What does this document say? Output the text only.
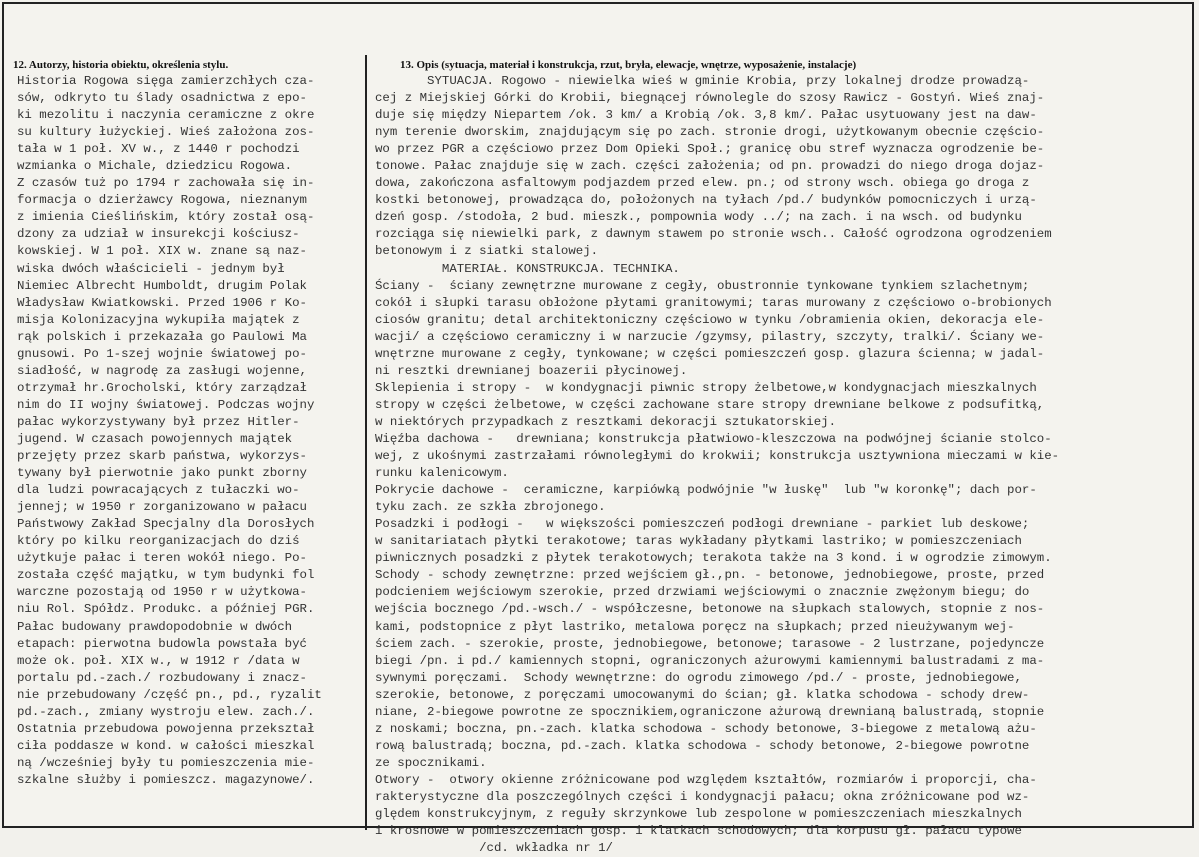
12. Autorzy, historia obiektu, określenia stylu.	13. Opis (sytuacja, materiał i konstrukcja, rzut, bryła, elewacje, wnętrze, wyposażenie, instalacje)
Historia Rogowa sięga zamierzchłych cza-
sów, odkryto tu ślady osadnictwa z epo-
ki mezolitu i naczynia ceramiczne z okre
su kultury łużyckiej. Wieś założona zos-
tała w 1 poł. XV w., z 1440 r pochodzi
wzmianka o Michale, dziedzicu Rogowa.
Z czasów tuż po 1794 r zachowała się in-
formacja o dzierżawcy Rogowa, nieznanym
z imienia Cieślińskim, który został osą-
dzony za udział w insurekcji kościusz-
kowskiej. W 1 poł. XIX w. znane są naz-
wiska dwóch właścicieli - jednym był
Niemiec Albrecht Humboldt, drugim Polak
Władysław Kwiatkowski. Przed 1906 r Ko-
misja Kolonizacyjna wykupiła majątek z
rąk polskich i przekazała go Paulowi Ma
gnusowi. Po 1-szej wojnie światowej po-
siadłość, w nagrodę za zasługi wojenne,
otrzymał hr.Grocholski, który zarządzał
nim do II wojny światowej. Podczas wojny
pałac wykorzystywany był przez Hitler-
jugend. W czasach powojennych majątek
przejęty przez skarb państwa, wykorzys-
tywany był pierwotnie jako punkt zborny
dla ludzi powracających z tułaczki wo-
jennej; w 1950 r zorganizowano w pałacu
Państwowy Zakład Specjalny dla Dorosłych
który po kilku reorganizacjach do dziś
użytkuje pałac i teren wokół niego. Po-
została część majątku, w tym budynki fol
warczne pozostają od 1950 r w użytkowa-
niu Rol. Spółdz. Produkc. a później PGR.
Pałac budowany prawdopodobnie w dwóch
etapach: pierwotna budowla powstała być
może ok. poł. XIX w., w 1912 r /data w
portalu pd.-zach./ rozbudowany i znacz-
nie przebudowany /część pn., pd., ryzalit
pd.-zach., zmiany wystroju elew. zach./.
Ostatnia przebudowa powojenna przekształ
ciła poddasze w kond. w całości mieszkal
ną /wcześniej były tu pomieszczenia mie-
szkalne służby i pomieszcz. magazynowe/.
SYTUACJA. Rogowo - niewielka wieś w gminie Krobia, przy lokalnej drodze prowadzą-
cej z Miejskiej Górki do Krobii, biegnącej równolegle do szosy Rawicz - Gostyń. Wieś znaj-
duje się między Niepartem /ok. 3 km/ a Krobią /ok. 3,8 km/. Pałac usytuowany jest na daw-
nym terenie dworskim, znajdującym się po zach. stronie drogi, użytkowanym obecnie częścio-
wo przez PGR a częściowo przez Dom Opieki Społ.; granicę obu stref wyznacza ogrodzenie be-
tonowe. Pałac znajduje się w zach. części założenia; od pn. prowadzi do niego droga dojaz-
dowa, zakończona asfaltowym podjazdem przed elew. pn.; od strony wsch. obiega go droga z
kostki betonowej, prowadząca do, położonych na tyłach /pd./ budynków pomocniczych i urzą-
dzeń gosp. /stodoła, 2 bud. mieszk., pompownia wody ../; na zach. i na wsch. od budynku
rozciąga się niewielki park, z dawnym stawem po stronie wsch.. Całość ogrodzona ogrodzeniem
betonowym i z siatki stalowej.
MATERIAŁ. KONSTRUKCJA. TECHNIKA.
Ściany -  ściany zewnętrzne murowane z cegły, obustronnie tynkowane tynkiem szlachetnym;
cokół i słupki tarasu obłożone płytami granitowymi; taras murowany z częściowo o-brobionych
ciosów granitu; detal architektoniczny częściowo w tynku /obramienia okien, dekoracja ele-
wacji/ a częściowo ceramiczny i w narzucie /gzymsy, pilastry, szczyty, tralki/. Ściany we-
wnętrzne murowane z cegły, tynkowane; w części pomieszczeń gosp. glazura ścienna; w jadal-
ni resztki drewnianej boazerii płycinowej.
Sklepienia i stropy -  w kondygnacji piwnic stropy żelbetowe,w kondygnacjach mieszkalnych
stropy w części żelbetowe, w części zachowane stare stropy drewniane belkowe z podsufitką,
w niektórych przypadkach z resztkami dekoracji sztukatorskiej.
Więźba dachowa -   drewniana; konstrukcja płatwiowo-kleszczowa na podwójnej ścianie stolco-
wej, z ukośnymi zastrzałami równoległymi do krokwii; konstrukcja usztywniona mieczami w kie-
runku kalenicowym.
Pokrycie dachowe -  ceramiczne, karpiówką podwójnie "w łuskę"  lub "w koronkę"; dach por-
tyku zach. ze szkła zbrojonego.
Posadzki i podłogi -   w większości pomieszczeń podłogi drewniane - parkiet lub deskowe;
w sanitariatach płytki terakotowe; taras wykładany płytkami lastriko; w pomieszczeniach
piwnicznych posadzki z płytek terakotowych; terakota także na 3 kond. i w ogrodzie zimowym.
Schody - schody zewnętrzne: przed wejściem gł.,pn. - betonowe, jednobiegowe, proste, przed
podcieniem wejściowym szerokie, przed drzwiami wejściowymi o znacznie zwężonym biegu; do
wejścia bocznego /pd.-wsch./ - współczesne, betonowe na słupkach stalowych, stopnie z nos-
kami, podstopnice z płyt lastriko, metalowa poręcz na słupkach; przed nieużywanym wej-
ściem zach. - szerokie, proste, jednobiegowe, betonowe; tarasowe - 2 lustrzane, pojedyncze
biegi /pn. i pd./ kamiennych stopni, ograniczonych ażurowymi kamiennymi balustradami z ma-
sywnymi poręczami.  Schody wewnętrzne: do ogrodu zimowego /pd./ - proste, jednobiegowe,
szerokie, betonowe, z poręczami umocowanymi do ścian; gł. klatka schodowa - schody drew-
niane, 2-biegowe powrotne ze spocznikiem,ograniczone ażurową drewnianą balustradą, stopnie
z noskami; boczna, pn.-zach. klatka schodowa - schody betonowe, 3-biegowe z metalową ażu-
rową balustradą; boczna, pd.-zach. klatka schodowa - schody betonowe, 2-biegowe powrotne
ze spocznikami.
Otwory -  otwory okienne zróżnicowane pod względem kształtów, rozmiarów i proporcji, cha-
rakterystyczne dla poszczególnych części i kondygnacji pałacu; okna zróżnicowane pod wz-
ględem konstrukcyjnym, z reguły skrzynkowe lub zespolone w pomieszczeniach mieszkalnych
i krosnowe w pomieszczeniach gosp. i klatkach schodowych; dla korpusu gł. pałacu typowe
/cd. wkładka nr 1/
